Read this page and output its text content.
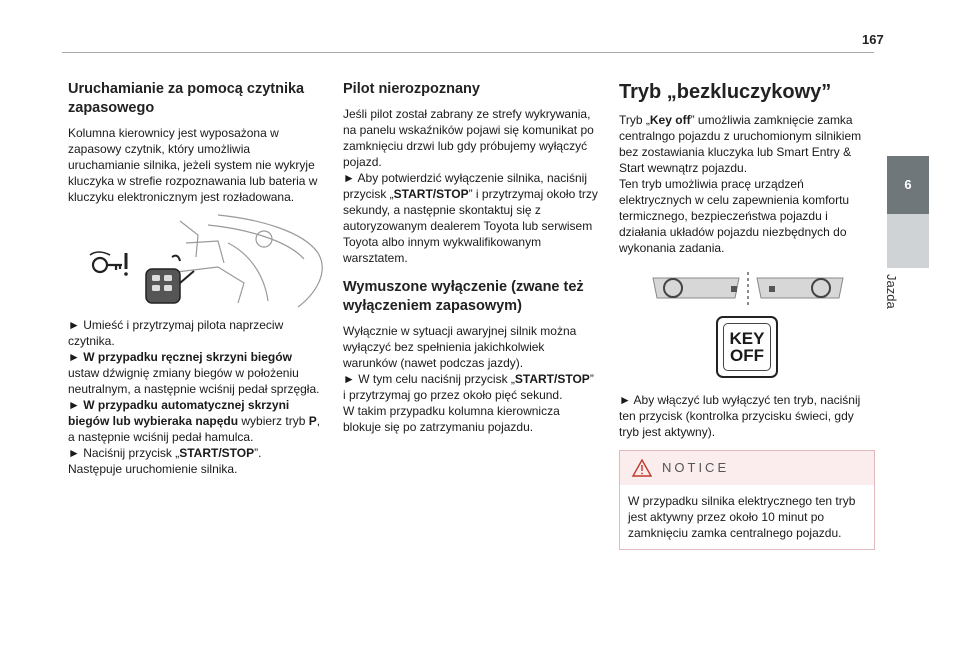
167
6
Jazda
Uruchamianie za pomocą czytnika zapasowego

Kolumna kierownicy jest wyposażona w zapasowy czytnik, który umożliwia uruchamianie silnika, jeżeli system nie wykryje kluczyka w strefie rozpoznawania lub bateria w kluczyku elektronicznym jest rozładowana.

► Umieść i przytrzymaj pilota naprzeciw czytnika.

► W przypadku ręcznej skrzyni biegów ustaw dźwignię zmiany biegów w położeniu neutralnym, a następnie wciśnij pedał sprzęgła.

► W przypadku automatycznej skrzyni biegów lub wybieraka napędu wybierz tryb P, a następnie wciśnij pedał hamulca.

► Naciśnij przycisk „START/STOP”.

Następuje uruchomienie silnika.

Pilot nierozpoznany

Jeśli pilot został zabrany ze strefy wykrywania, na panelu wskaźników pojawi się komunikat po zamknięciu drzwi lub gdy próbujemy wyłączyć pojazd.

► Aby potwierdzić wyłączenie silnika, naciśnij przycisk „START/STOP” i przytrzymaj około trzy sekundy, a następnie skontaktuj się z autoryzowanym dealerem Toyota lub serwisem Toyota albo innym wykwalifikowanym warsztatem.

Wymuszone wyłączenie (zwane też wyłączeniem zapasowym)

Wyłącznie w sytuacji awaryjnej silnik można wyłączyć bez spełnienia jakichkolwiek warunków (nawet podczas jazdy).

► W tym celu naciśnij przycisk „START/STOP” i przytrzymaj go przez około pięć sekund.

W takim przypadku kolumna kierownicza blokuje się po zatrzymaniu pojazdu.

Tryb „bezkluczykowy”

Tryb „Key off” umożliwia zamknięcie zamka centralngo pojazdu z uruchomionym silnikiem bez zostawiania kluczyka lub Smart Entry & Start wewnątrz pojazdu.

Ten tryb umożliwia pracę urządzeń elektrycznych w celu zapewnienia komfortu termicznego, bezpieczeństwa pojazdu i działania układów pojazdu niezbędnych do wykonania zadania.

KEY
OFF

► Aby włączyć lub wyłączyć ten tryb, naciśnij ten przycisk (kontrolka przycisku świeci, gdy tryb jest aktywny).

NOTICE
W przypadku silnika elektrycznego ten tryb jest aktywny przez około 10 minut po zamknięciu zamka centralnego pojazdu.
